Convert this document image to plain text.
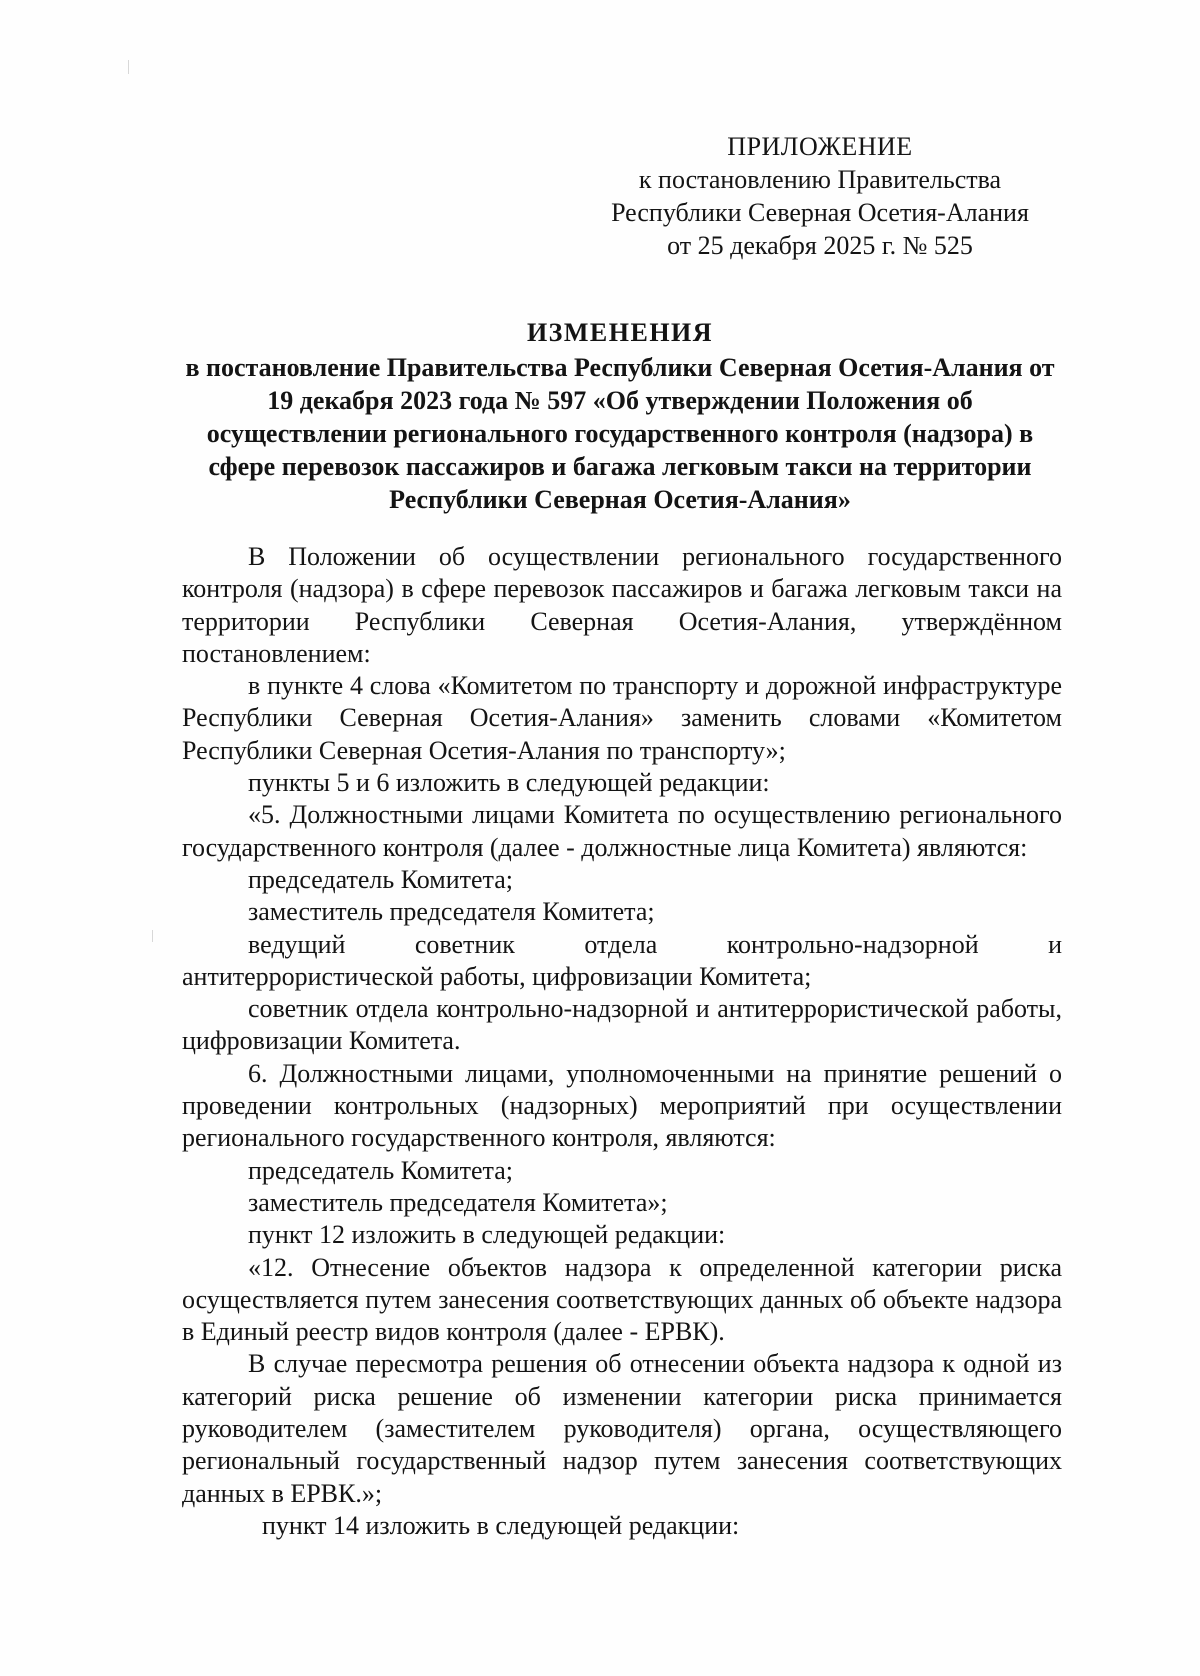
ПРИЛОЖЕНИЕ
к постановлению Правительства
Республики Северная Осетия-Алания
от 25 декабря 2025 г. № 525
ИЗМЕНЕНИЯ
в постановление Правительства Республики Северная Осетия-Алания от 19 декабря 2023 года № 597 «Об утверждении Положения об осуществлении регионального государственного контроля (надзора) в сфере перевозок пассажиров и багажа легковым такси на территории Республики Северная Осетия-Алания»

В Положении об осуществлении регионального государственного контроля (надзора) в сфере перевозок пассажиров и багажа легковым такси на территории Республики Северная Осетия-Алания, утверждённом постановлением:

в пункте 4 слова «Комитетом по транспорту и дорожной инфраструктуре Республики Северная Осетия-Алания» заменить словами «Комитетом Республики Северная Осетия-Алания по транспорту»;

пункты 5 и 6 изложить в следующей редакции:

«5. Должностными лицами Комитета по осуществлению регионального государственного контроля (далее - должностные лица Комитета) являются:

председатель Комитета;

заместитель председателя Комитета;

ведущий советник отдела контрольно-надзорной и антитеррористической работы, цифровизации Комитета;

советник отдела контрольно-надзорной и антитеррористической работы, цифровизации Комитета.

6. Должностными лицами, уполномоченными на принятие решений о проведении контрольных (надзорных) мероприятий при осуществлении регионального государственного контроля, являются:

председатель Комитета;

заместитель председателя Комитета»;

пункт 12 изложить в следующей редакции:

«12. Отнесение объектов надзора к определенной категории риска осуществляется путем занесения соответствующих данных об объекте надзора в Единый реестр видов контроля (далее - ЕРВК).

В случае пересмотра решения об отнесении объекта надзора к одной из категорий риска решение об изменении категории риска принимается руководителем (заместителем руководителя) органа, осуществляющего региональный государственный надзор путем занесения соответствующих данных в ЕРВК.»;

пункт 14 изложить в следующей редакции:
